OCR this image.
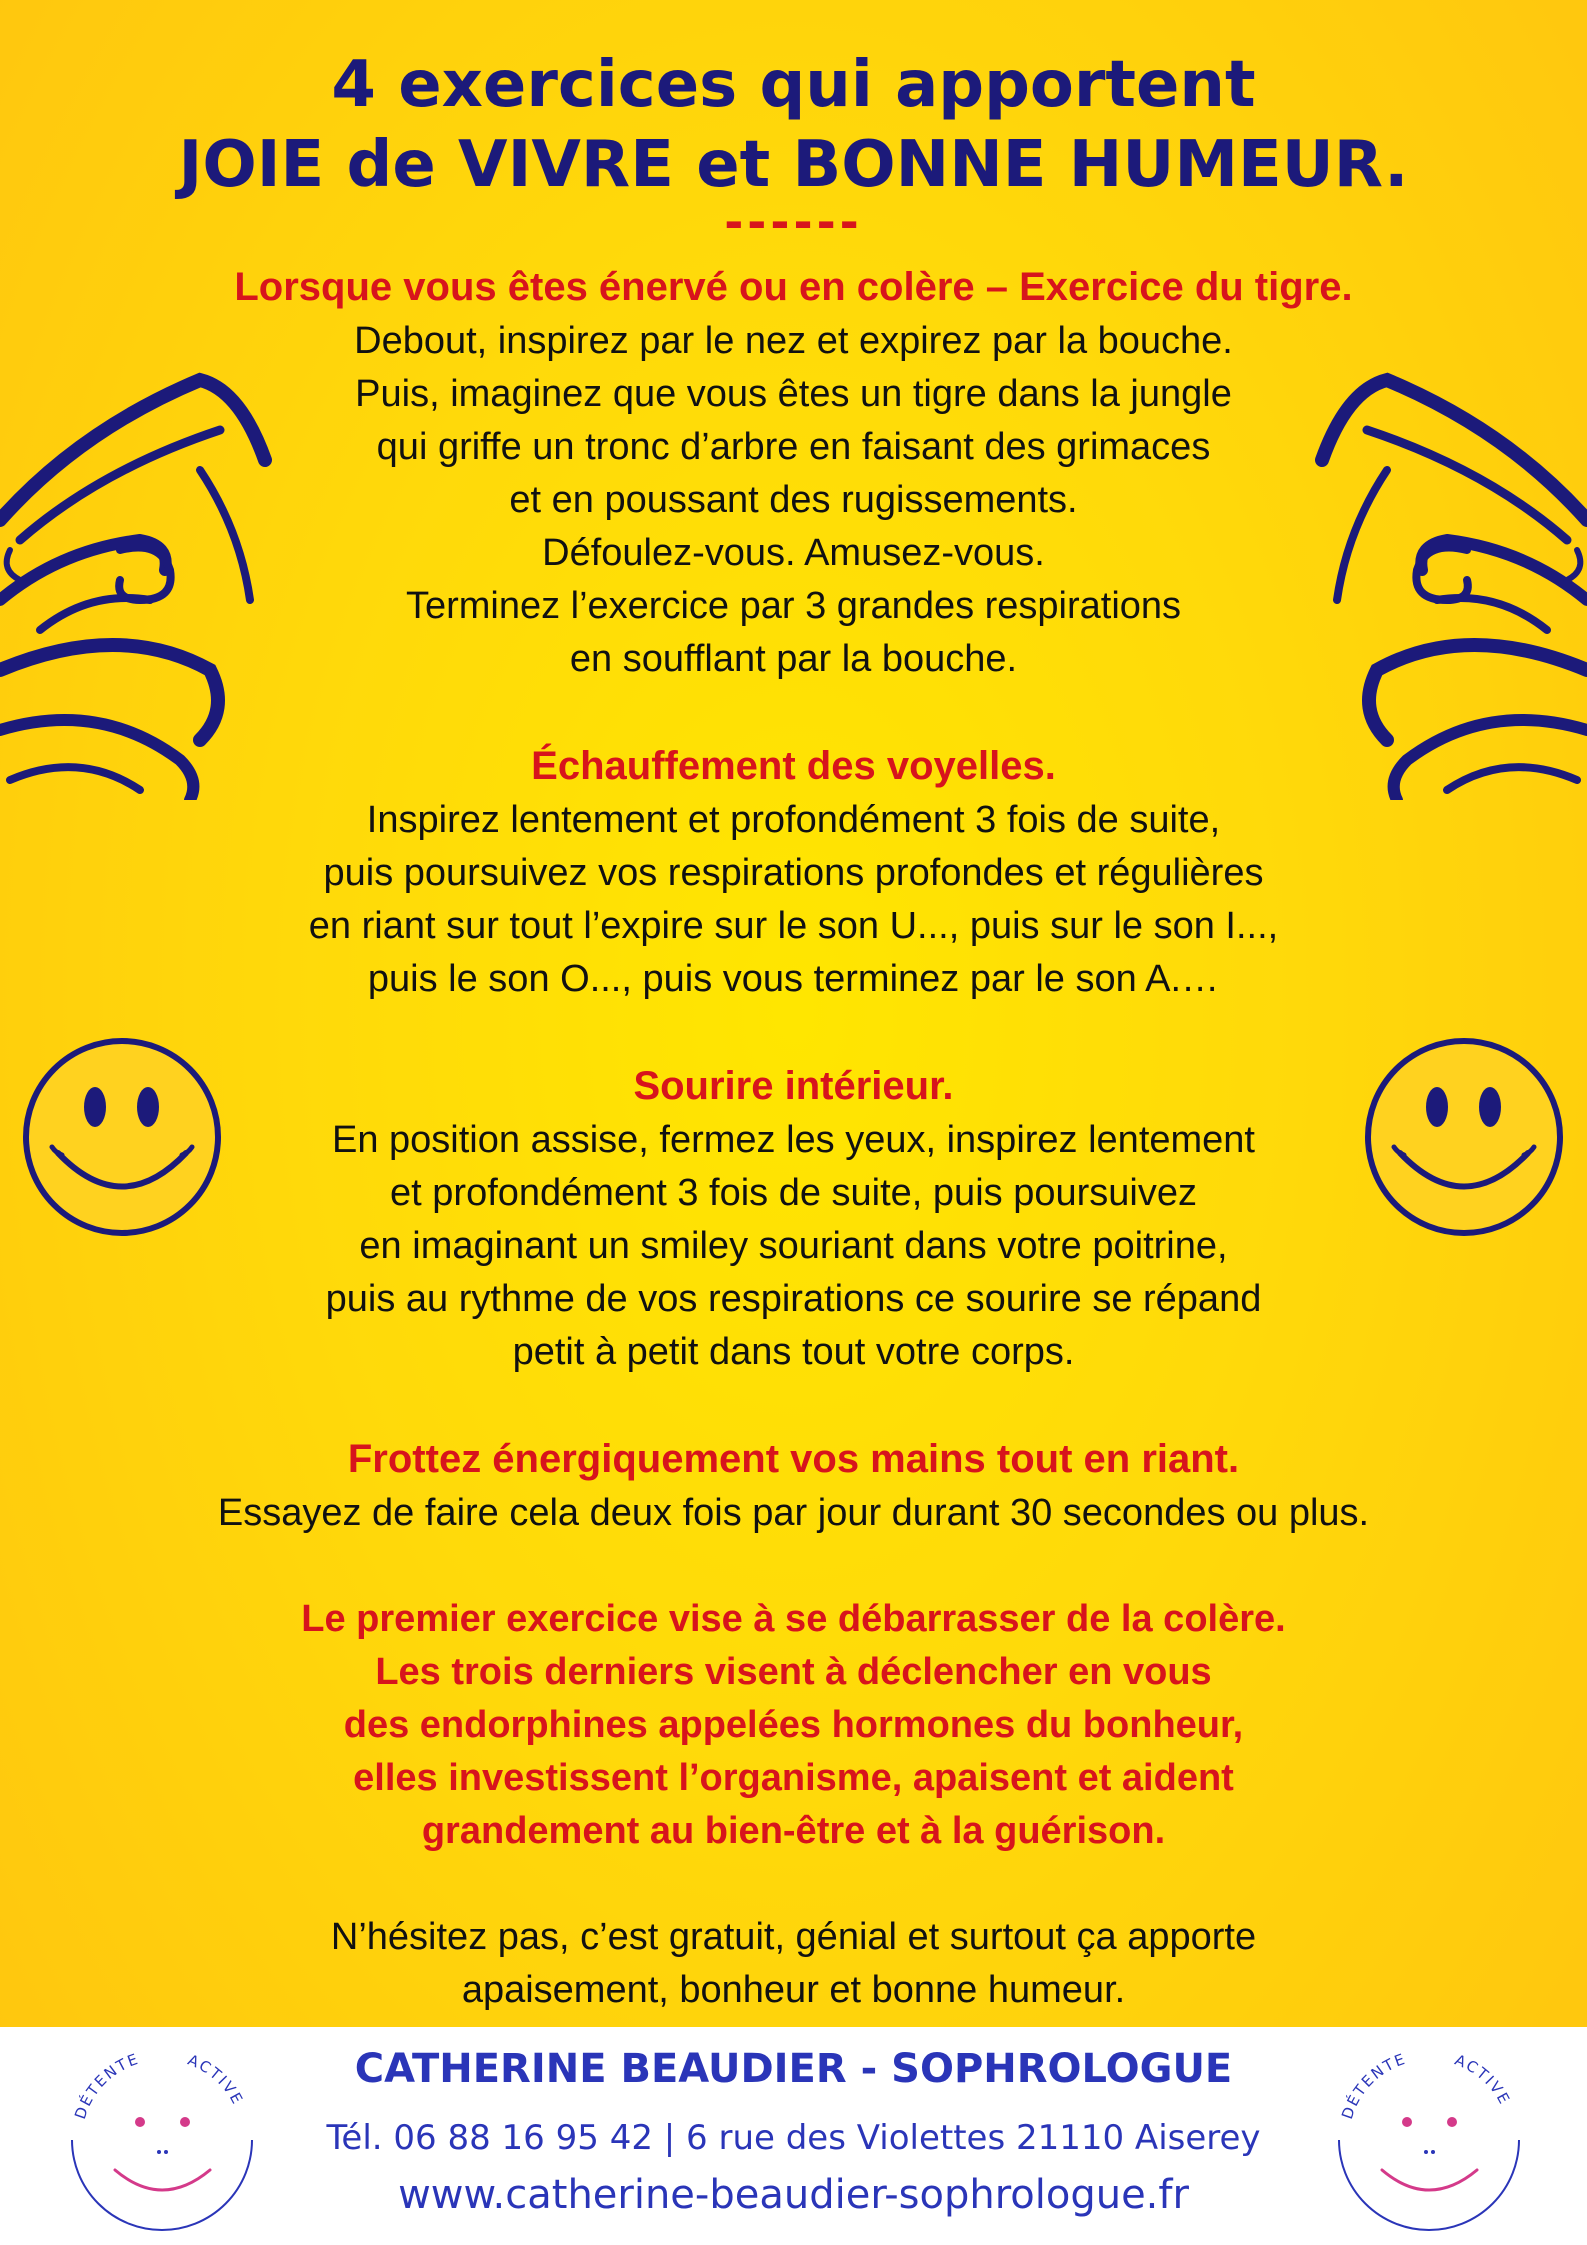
4 exercices qui apportent
JOIE de VIVRE et BONNE HUMEUR.
------
Lorsque vous êtes énervé ou en colère – Exercice du tigre.
Debout, inspirez par le nez et expirez par la bouche.
Puis, imaginez que vous êtes un tigre dans la jungle
qui griffe un tronc d’arbre en faisant des grimaces
et en poussant des rugissements.
Défoulez-vous. Amusez-vous.
Terminez l’exercice par 3 grandes respirations
en soufflant par la bouche.
Échauffement des voyelles.
Inspirez lentement et profondément 3 fois de suite,
puis poursuivez vos respirations profondes et régulières
en riant sur tout l’expire sur le son U..., puis sur le son I...,
puis le son O..., puis vous terminez par le son A.…
Sourire intérieur.
En position assise, fermez les yeux, inspirez lentement
et profondément 3 fois de suite, puis poursuivez
en imaginant un smiley souriant dans votre poitrine,
puis au rythme de vos respirations ce sourire se répand
petit à petit dans tout votre corps.
Frottez énergiquement vos mains tout en riant.
Essayez de faire cela deux fois par jour durant 30 secondes ou plus.
Le premier exercice vise à se débarrasser de la colère.
Les trois derniers visent à déclencher en vous
des endorphines appelées hormones du bonheur,
elles investissent l’organisme, apaisent et aident
grandement au bien-être et à la guérison.
N’hésitez pas, c’est gratuit, génial et surtout ça apporte
apaisement, bonheur et bonne humeur.
DÉTENTE	ACTIVE
DÉTENTE	ACTIVE
CATHERINE BEAUDIER - SOPHROLOGUE
Tél. 06 88 16 95 42 | 6 rue des Violettes 21110 Aiserey
www.catherine-beaudier-sophrologue.fr
